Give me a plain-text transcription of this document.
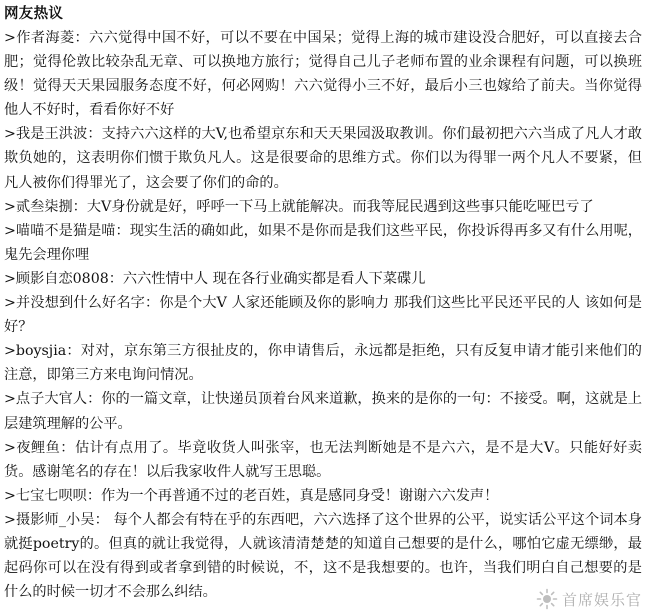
网友热议

>作者海菱：六六觉得中国不好，可以不要在中国呆；觉得上海的城市建设没合肥好，可以直接去合肥；觉得伦敦比较杂乱无章、可以换地方旅行；觉得自己儿子老师布置的业余课程有问题，可以换班级！觉得天天果园服务态度不好，何必网购！六六觉得小三不好，最后小三也嫁给了前夫。当你觉得他人不好时，看看你好不好

>我是王洪波：支持六六这样的大V,也希望京东和天天果园汲取教训。你们最初把六六当成了凡人才敢欺负她的，这表明你们惯于欺负凡人。这是很要命的思维方式。你们以为得罪一两个凡人不要紧，但凡人被你们得罪光了，这会要了你们的命的。

>贰叁柒捌：大V身份就是好，呼呼一下马上就能解决。而我等屁民遇到这些事只能吃哑巴亏了

>喵喵不是猫是喵：现实生活的确如此，如果不是你而是我们这些平民，你投诉得再多又有什么用呢，鬼先会理你哩

>顾影自恋0808：六六性情中人 现在各行业确实都是看人下菜碟儿

>并没想到什么好名字：你是个大V 人家还能顾及你的影响力 那我们这些比平民还平民的人 该如何是好？

>boysjia：对对，京东第三方很扯皮的，你申请售后，永远都是拒绝，只有反复申请才能引来他们的注意，即第三方来电询问情况。

>点子大官人：你的一篇文章，让快递员顶着台风来道歉，换来的是你的一句：不接受。啊，这就是上层建筑理解的公平。

>夜鲤鱼：估计有点用了。毕竟收货人叫张宰，也无法判断她是不是六六，是不是大V。只能好好卖货。感谢笔名的存在！以后我家收件人就写王思聪。

>七宝七呗呗：作为一个再普通不过的老百姓，真是感同身受！谢谢六六发声！

>摄影师_小吴： 每个人都会有特在乎的东西吧，六六选择了这个世界的公平，说实话公平这个词本身就挺poetry的。但真的就让我觉得，人就该清清楚楚的知道自己想要的是什么，哪怕它虚无缥缈，最起码你可以在没有得到或者拿到错的时候说，不，这不是我想要的。也许，当我们明白自己想要的是什么的时候一切才不会那么纠结。	首席娱乐官
